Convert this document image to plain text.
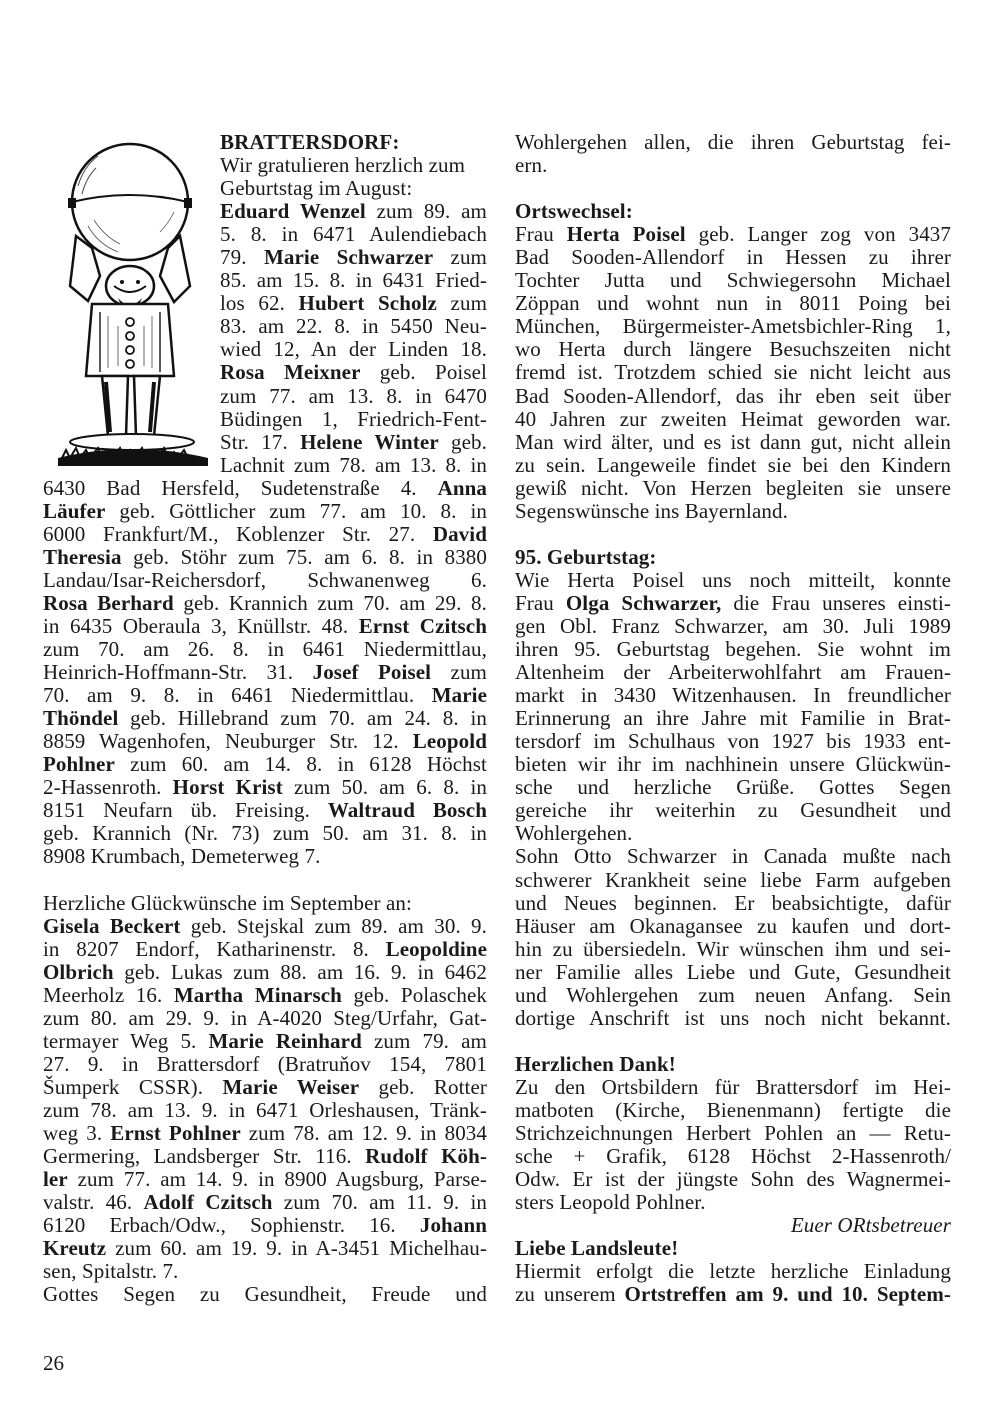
BRATTERSDORF:
Wir gratulieren herzlich zum
Geburtstag im August:
Eduard Wenzel zum 89. am
5. 8. in 6471 Aulendiebach
79. Marie Schwarzer zum
85. am 15. 8. in 6431 Fried-
los 62. Hubert Scholz zum
83. am 22. 8. in 5450 Neu-
wied 12, An der Linden 18.
Rosa Meixner geb. Poisel
zum 77. am 13. 8. in 6470
Büdingen 1, Friedrich-Fent-
Str. 17. Helene Winter geb.
Lachnit zum 78. am 13. 8. in
6430 Bad Hersfeld, Sudetenstraße 4. Anna
Läufer geb. Göttlicher zum 77. am 10. 8. in
6000 Frankfurt/M., Koblenzer Str. 27. David
Theresia geb. Stöhr zum 75. am 6. 8. in 8380
Landau/Isar-Reichersdorf, Schwanenweg 6.
Rosa Berhard geb. Krannich zum 70. am 29. 8.
in 6435 Oberaula 3, Knüllstr. 48. Ernst Czitsch
zum 70. am 26. 8. in 6461 Niedermittlau,
Heinrich-Hoffmann-Str. 31. Josef Poisel zum
70. am 9. 8. in 6461 Niedermittlau. Marie
Thöndel geb. Hillebrand zum 70. am 24. 8. in
8859 Wagenhofen, Neuburger Str. 12. Leopold
Pohlner zum 60. am 14. 8. in 6128 Höchst
2-Hassenroth. Horst Krist zum 50. am 6. 8. in
8151 Neufarn üb. Freising. Waltraud Bosch
geb. Krannich (Nr. 73) zum 50. am 31. 8. in
8908 Krumbach, Demeterweg 7.
Herzliche Glückwünsche im September an:
Gisela Beckert geb. Stejskal zum 89. am 30. 9.
in 8207 Endorf, Katharinenstr. 8. Leopoldine
Olbrich geb. Lukas zum 88. am 16. 9. in 6462
Meerholz 16. Martha Minarsch geb. Polaschek
zum 80. am 29. 9. in A-4020 Steg/Urfahr, Gat-
termayer Weg 5. Marie Reinhard zum 79. am
27. 9. in Brattersdorf (Bratruňov 154, 7801
Šumperk CSSR). Marie Weiser geb. Rotter
zum 78. am 13. 9. in 6471 Orleshausen, Tränk-
weg 3. Ernst Pohlner zum 78. am 12. 9. in 8034
Germering, Landsberger Str. 116. Rudolf Köh-
ler zum 77. am 14. 9. in 8900 Augsburg, Parse-
valstr. 46. Adolf Czitsch zum 70. am 11. 9. in
6120 Erbach/Odw., Sophienstr. 16. Johann
Kreutz zum 60. am 19. 9. in A-3451 Michelhau-
sen, Spitalstr. 7.
Gottes Segen zu Gesundheit, Freude und
Wohlergehen allen, die ihren Geburtstag fei-
ern.
Ortswechsel:
Frau Herta Poisel geb. Langer zog von 3437
Bad Sooden-Allendorf in Hessen zu ihrer
Tochter Jutta und Schwiegersohn Michael
Zöppan und wohnt nun in 8011 Poing bei
München, Bürgermeister-Ametsbichler-Ring 1,
wo Herta durch längere Besuchszeiten nicht
fremd ist. Trotzdem schied sie nicht leicht aus
Bad Sooden-Allendorf, das ihr eben seit über
40 Jahren zur zweiten Heimat geworden war.
Man wird älter, und es ist dann gut, nicht allein
zu sein. Langeweile findet sie bei den Kindern
gewiß nicht. Von Herzen begleiten sie unsere
Segenswünsche ins Bayernland.
95. Geburtstag:
Wie Herta Poisel uns noch mitteilt, konnte
Frau Olga Schwarzer, die Frau unseres einsti-
gen Obl. Franz Schwarzer, am 30. Juli 1989
ihren 95. Geburtstag begehen. Sie wohnt im
Altenheim der Arbeiterwohlfahrt am Frauen-
markt in 3430 Witzenhausen. In freundlicher
Erinnerung an ihre Jahre mit Familie in Brat-
tersdorf im Schulhaus von 1927 bis 1933 ent-
bieten wir ihr im nachhinein unsere Glückwün-
sche und herzliche Grüße. Gottes Segen
gereiche ihr weiterhin zu Gesundheit und
Wohlergehen.
Sohn Otto Schwarzer in Canada mußte nach
schwerer Krankheit seine liebe Farm aufgeben
und Neues beginnen. Er beabsichtigte, dafür
Häuser am Okanagansee zu kaufen und dort-
hin zu übersiedeln. Wir wünschen ihm und sei-
ner Familie alles Liebe und Gute, Gesundheit
und Wohlergehen zum neuen Anfang. Sein
dortige Anschrift ist uns noch nicht bekannt.
Herzlichen Dank!
Zu den Ortsbildern für Brattersdorf im Hei-
matboten (Kirche, Bienenmann) fertigte die
Strichzeichnungen Herbert Pohlen an — Retu-
sche + Grafik, 6128 Höchst 2-Hassenroth/
Odw. Er ist der jüngste Sohn des Wagnermei-
sters Leopold Pohlner.
Euer ORtsbetreuer
Liebe Landsleute!
Hiermit erfolgt die letzte herzliche Einladung
zu unserem Ortstreffen am 9. und 10. Septem-
26
